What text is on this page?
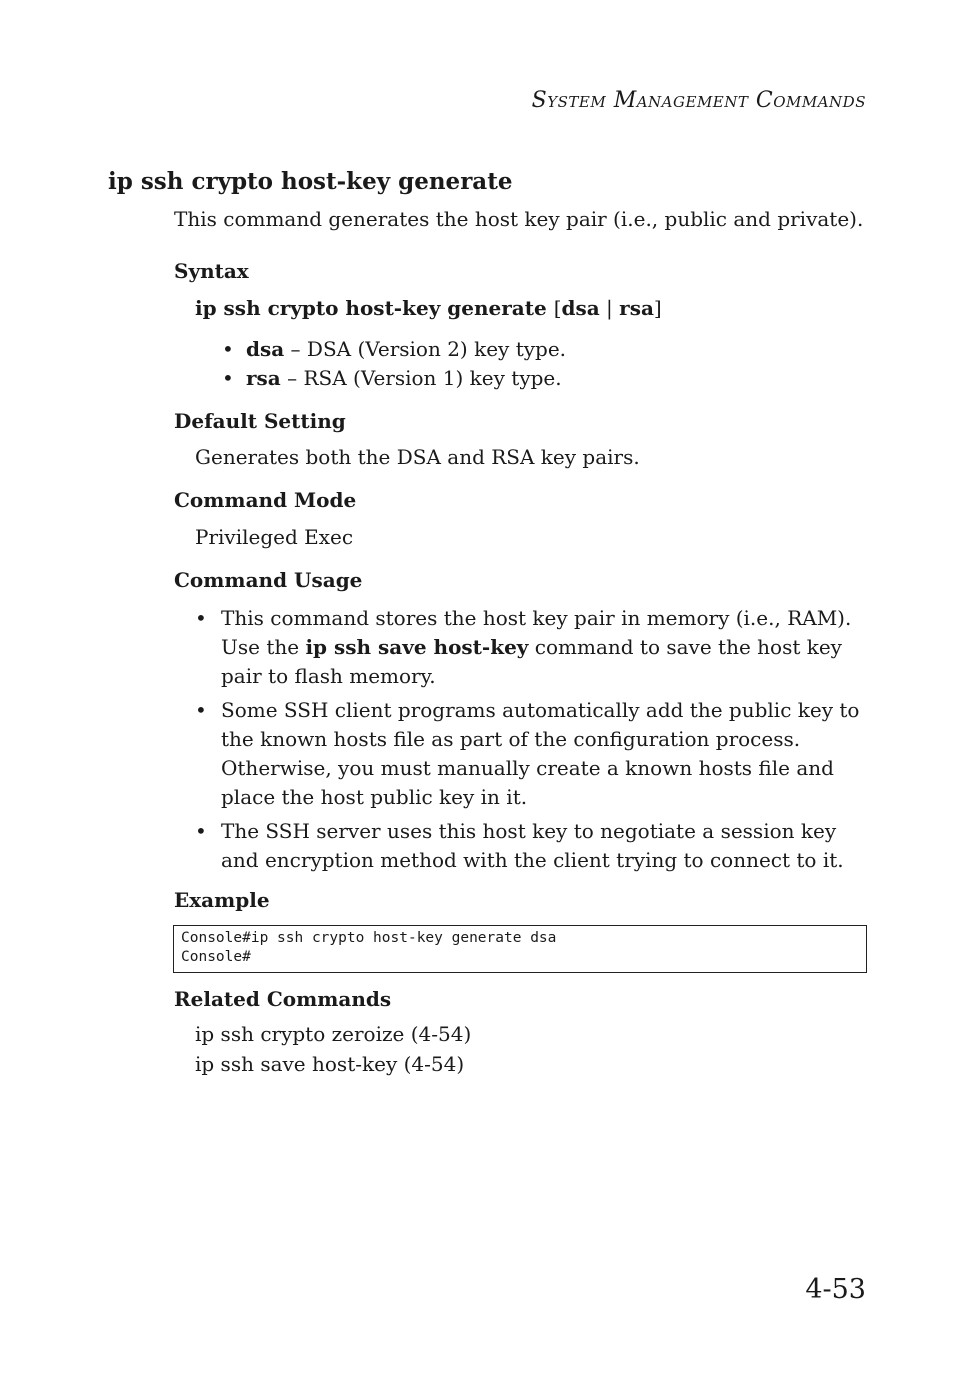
System Management Commands
ip ssh crypto host-key generate
This command generates the host key pair (i.e., public and private).
Syntax
ip ssh crypto host-key generate [dsa | rsa]
• dsa – DSA (Version 2) key type.
• rsa – RSA (Version 1) key type.
Default Setting
Generates both the DSA and RSA key pairs.
Command Mode
Privileged Exec
Command Usage
• This command stores the host key pair in memory (i.e., RAM). Use the ip ssh save host-key command to save the host key pair to flash memory.
• Some SSH client programs automatically add the public key to the known hosts file as part of the configuration process. Otherwise, you must manually create a known hosts file and place the host public key in it.
• The SSH server uses this host key to negotiate a session key and encryption method with the client trying to connect to it.
Example
Console#ip ssh crypto host-key generate dsa
Console#
Related Commands
ip ssh crypto zeroize (4-54)
ip ssh save host-key (4-54)
4-53
